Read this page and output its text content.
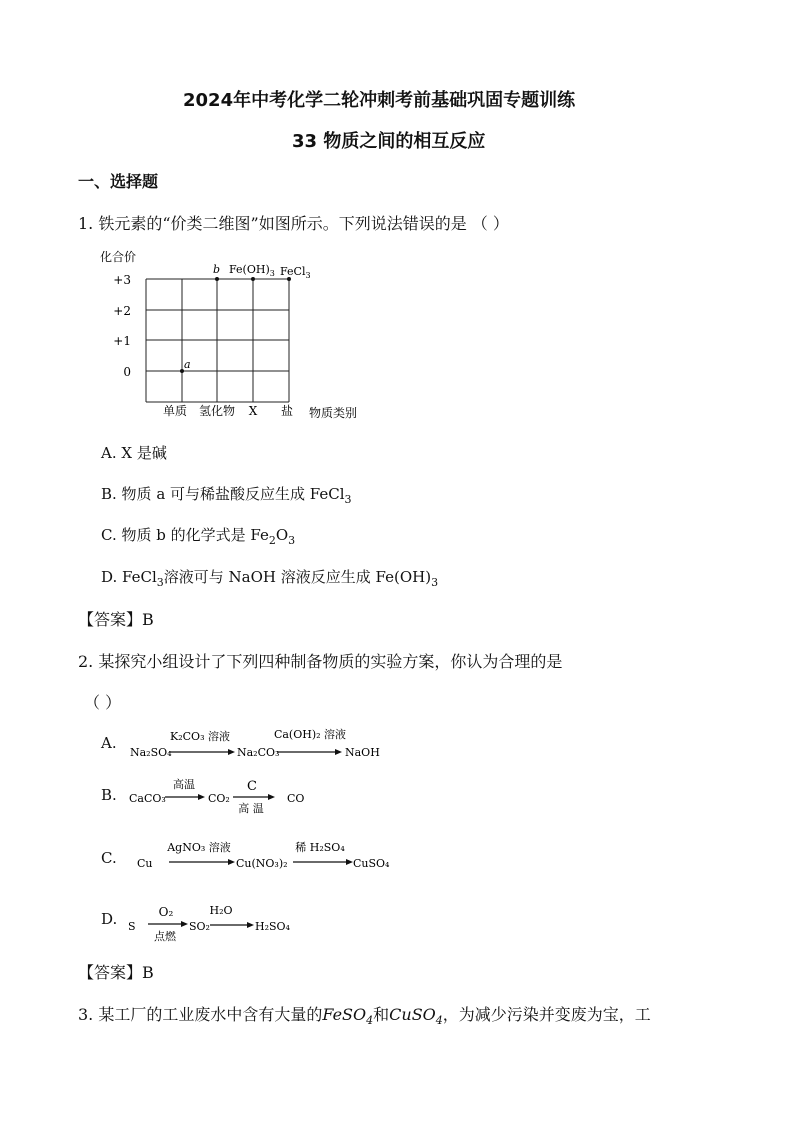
2024年中考化学二轮冲刺考前基础巩固专题训练
33 物质之间的相互反应
一、选择题
1. 铁元素的“价类二维图”如图所示。下列说法错误的是 （ ）
化合价
+3
+2
+1
0
单质 氢化物 X 盐 物质类别
a
b $Fe(OH)_3$ FeCl$_3$
A. X 是碱
B. 物质 a 可与稀盐酸反应生成 FeCl$_3$
C. 物质 b 的化学式是 $Fe_2O_3$
D. FeCl$_3$溶液可与 NaOH 溶液反应生成 $Fe(OH)_3$
【答案】B
2. 某探究小组设计了下列四种制备物质的实验方案，你认为合理的是
（ ）
A.
Na₂SO₄
K₂CO₃ 溶液
Na₂CO₃
Ca(OH)₂ 溶液
NaOH
B. CaCO₃
高温
CO₂
C
高 温
CO
C. Cu
AgNO₃ 溶液
Cu(NO₃)₂
稀 H₂SO₄
CuSO₄
D. S
O₂
点燃
SO₂
H₂O
H₂SO₄
【答案】B
3. 某工厂的工业废水中含有大量的FeSO$_4$和CuSO$_4$，为减少污染并变废为宝，工
